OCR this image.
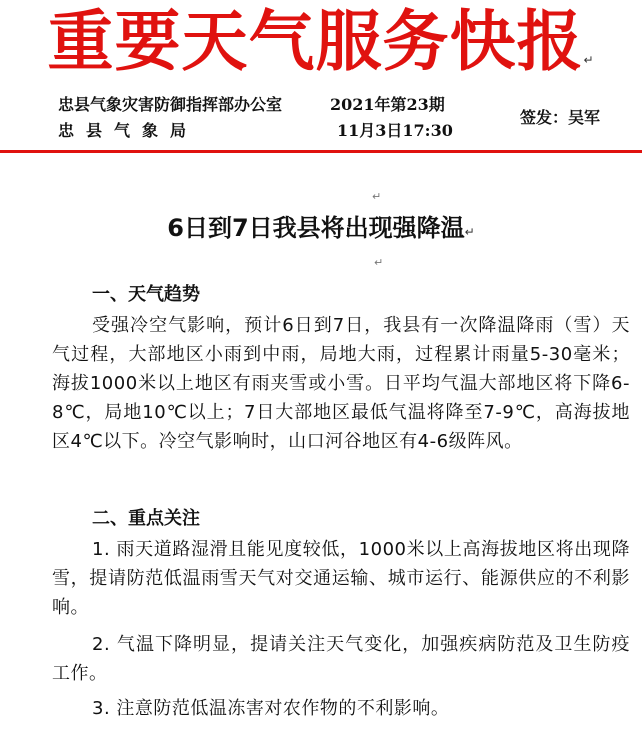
重要天气服务快报↵
忠县气象灾害防御指挥部办公室
忠县气象局
2021年第23期
11月3日17:30
签发：吴军
↵
6日到7日我县将出现强降温↵
↵
一、天气趋势
受强冷空气影响，预计6日到7日，我县有一次降温降雨（雪）天气过程，大部地区小雨到中雨，局地大雨，过程累计雨量5-30毫米；海拔1000米以上地区有雨夹雪或小雪。日平均气温大部地区将下降6-8℃，局地10℃以上；7日大部地区最低气温将降至7-9℃，高海拔地区4℃以下。冷空气影响时，山口河谷地区有4-6级阵风。
二、重点关注
1. 雨天道路湿滑且能见度较低，1000米以上高海拔地区将出现降雪，提请防范低温雨雪天气对交通运输、城市运行、能源供应的不利影响。
2. 气温下降明显，提请关注天气变化，加强疾病防范及卫生防疫工作。
3. 注意防范低温冻害对农作物的不利影响。
